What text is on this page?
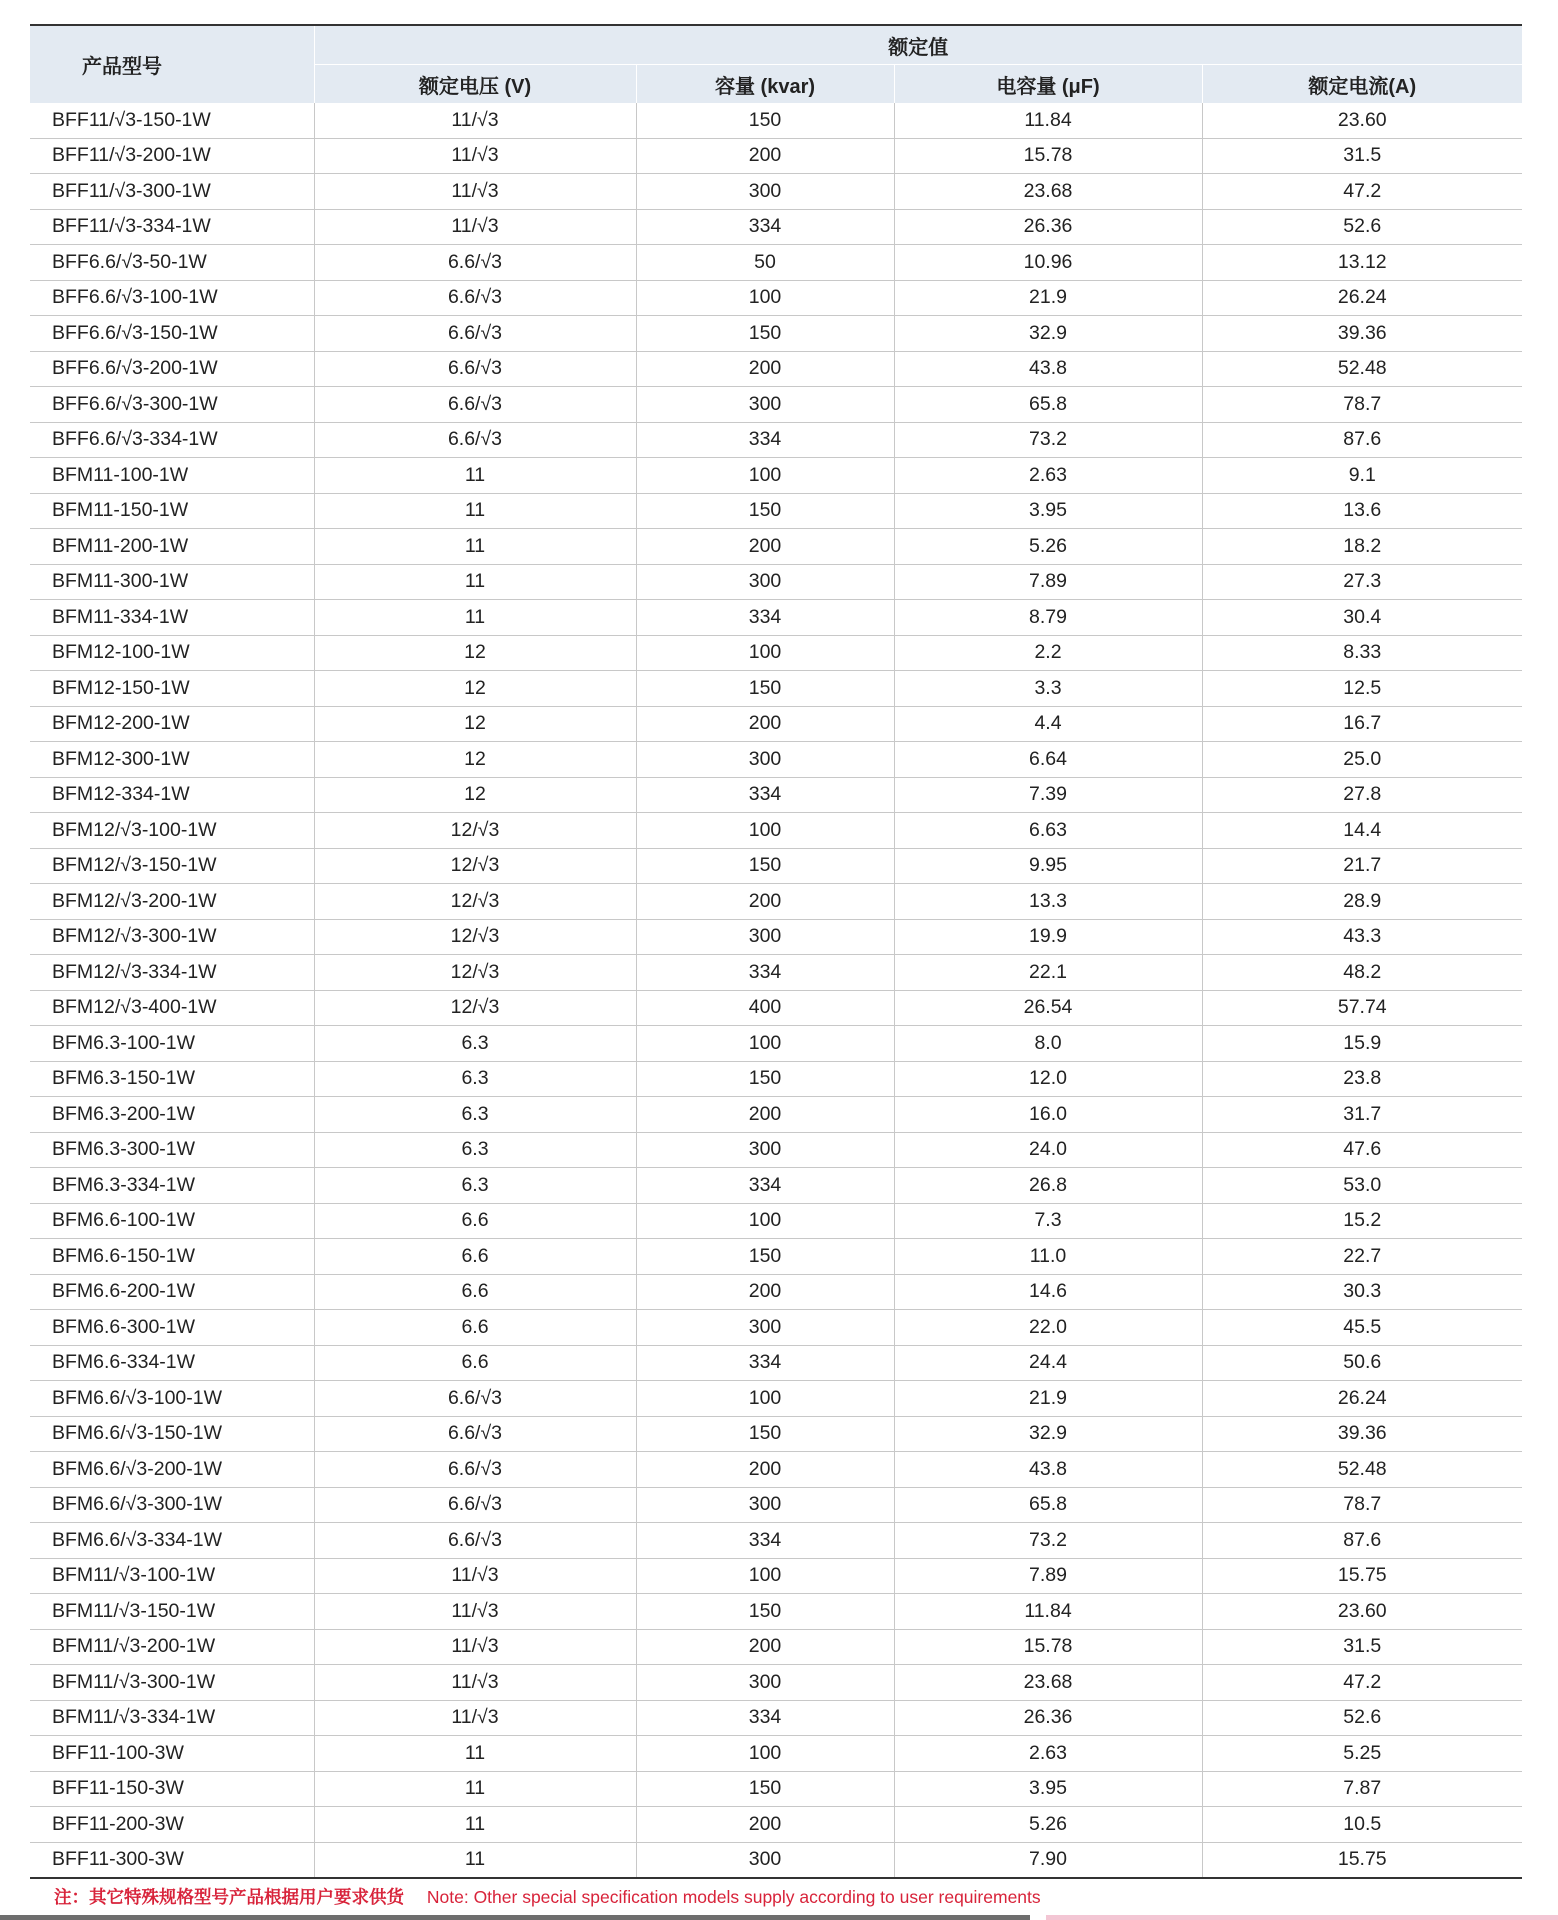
产品型号	额定值			
	额定电压 (V)	容量 (kvar)	电容量 (μF)	额定电流(A)
BFF11/√3-150-1W	11/√3	150	11.84	23.60
BFF11/√3-200-1W	11/√3	200	15.78	31.5
BFF11/√3-300-1W	11/√3	300	23.68	47.2
BFF11/√3-334-1W	11/√3	334	26.36	52.6
BFF6.6/√3-50-1W	6.6/√3	50	10.96	13.12
BFF6.6/√3-100-1W	6.6/√3	100	21.9	26.24
BFF6.6/√3-150-1W	6.6/√3	150	32.9	39.36
BFF6.6/√3-200-1W	6.6/√3	200	43.8	52.48
BFF6.6/√3-300-1W	6.6/√3	300	65.8	78.7
BFF6.6/√3-334-1W	6.6/√3	334	73.2	87.6
BFM11-100-1W	11	100	2.63	9.1
BFM11-150-1W	11	150	3.95	13.6
BFM11-200-1W	11	200	5.26	18.2
BFM11-300-1W	11	300	7.89	27.3
BFM11-334-1W	11	334	8.79	30.4
BFM12-100-1W	12	100	2.2	8.33
BFM12-150-1W	12	150	3.3	12.5
BFM12-200-1W	12	200	4.4	16.7
BFM12-300-1W	12	300	6.64	25.0
BFM12-334-1W	12	334	7.39	27.8
BFM12/√3-100-1W	12/√3	100	6.63	14.4
BFM12/√3-150-1W	12/√3	150	9.95	21.7
BFM12/√3-200-1W	12/√3	200	13.3	28.9
BFM12/√3-300-1W	12/√3	300	19.9	43.3
BFM12/√3-334-1W	12/√3	334	22.1	48.2
BFM12/√3-400-1W	12/√3	400	26.54	57.74
BFM6.3-100-1W	6.3	100	8.0	15.9
BFM6.3-150-1W	6.3	150	12.0	23.8
BFM6.3-200-1W	6.3	200	16.0	31.7
BFM6.3-300-1W	6.3	300	24.0	47.6
BFM6.3-334-1W	6.3	334	26.8	53.0
BFM6.6-100-1W	6.6	100	7.3	15.2
BFM6.6-150-1W	6.6	150	11.0	22.7
BFM6.6-200-1W	6.6	200	14.6	30.3
BFM6.6-300-1W	6.6	300	22.0	45.5
BFM6.6-334-1W	6.6	334	24.4	50.6
BFM6.6/√3-100-1W	6.6/√3	100	21.9	26.24
BFM6.6/√3-150-1W	6.6/√3	150	32.9	39.36
BFM6.6/√3-200-1W	6.6/√3	200	43.8	52.48
BFM6.6/√3-300-1W	6.6/√3	300	65.8	78.7
BFM6.6/√3-334-1W	6.6/√3	334	73.2	87.6
BFM11/√3-100-1W	11/√3	100	7.89	15.75
BFM11/√3-150-1W	11/√3	150	11.84	23.60
BFM11/√3-200-1W	11/√3	200	15.78	31.5
BFM11/√3-300-1W	11/√3	300	23.68	47.2
BFM11/√3-334-1W	11/√3	334	26.36	52.6
BFF11-100-3W	11	100	2.63	5.25
BFF11-150-3W	11	150	3.95	7.87
BFF11-200-3W	11	200	5.26	10.5
BFF11-300-3W	11	300	7.90	15.75
注：其它特殊规格型号产品根据用户要求供货 Note: Other special specification models supply according to user requirements
